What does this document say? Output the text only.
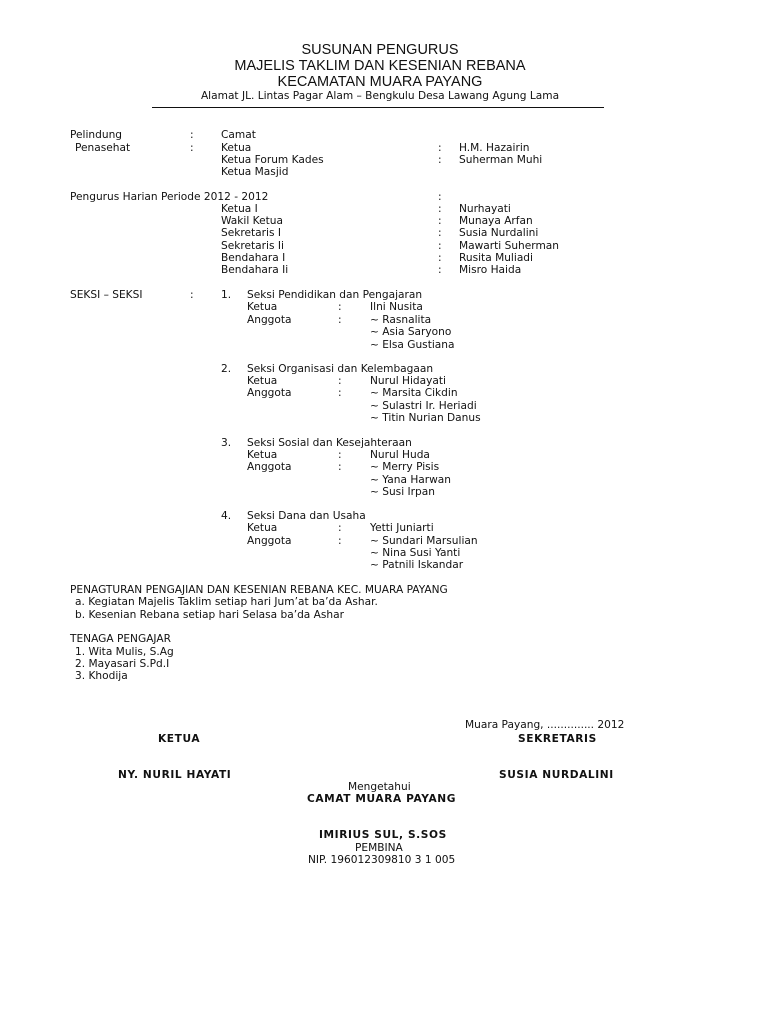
SUSUNAN PENGURUS
MAJELIS TAKLIM DAN KESENIAN REBANA
KECAMATAN MUARA PAYANG
Alamat JL. Lintas Pagar Alam – Bengkulu Desa Lawang Agung Lama
Pelindung	:	Camat
Penasehat	:	Ketua	: H.M. Hazairin
Ketua Forum Kades	: Suherman Muhi
Ketua Masjid
Pengurus Harian Periode 2012 - 2012	:
Ketua I	: Nurhayati
Wakil Ketua	: Munaya Arfan
Sekretaris I	: Susia Nurdalini
Sekretaris Ii	: Mawarti Suherman
Bendahara I	: Rusita Muliadi
Bendahara Ii	: Misro Haida
SEKSI – SEKSI	:	1. Seksi Pendidikan dan Pengajaran
Ketua	:	Ilni Nusita
Anggota	:	~ Rasnalita
~ Asia Saryono
~ Elsa Gustiana
2. Seksi Organisasi dan Kelembagaan
Ketua	:	Nurul Hidayati
Anggota	:	~ Marsita Cikdin
~ Sulastri Ir. Heriadi
~ Titin Nurian Danus
3. Seksi Sosial dan Kesejahteraan
Ketua	:	Nurul Huda
Anggota	:	~ Merry Pisis
~ Yana Harwan
~ Susi Irpan
4. Seksi Dana dan Usaha
Ketua	:	Yetti Juniarti
Anggota	:	~ Sundari Marsulian
~ Nina Susi Yanti
~ Patnili Iskandar
PENAGTURAN PENGAJIAN DAN KESENIAN REBANA KEC. MUARA PAYANG
a. Kegiatan Majelis Taklim setiap hari Jum’at ba’da Ashar.
b. Kesenian Rebana setiap hari Selasa ba’da Ashar
TENAGA PENGAJAR
1. Wita Mulis, S.Ag
2. Mayasari S.Pd.I
3. Khodija
Muara Payang, .............. 2012
KETUA	SEKRETARIS
NY. NURIL HAYATI	SUSIA NURDALINI
Mengetahui
CAMAT MUARA PAYANG
IMIRIUS SUL, S.SOS
PEMBINA
NIP. 196012309810 3 1 005
